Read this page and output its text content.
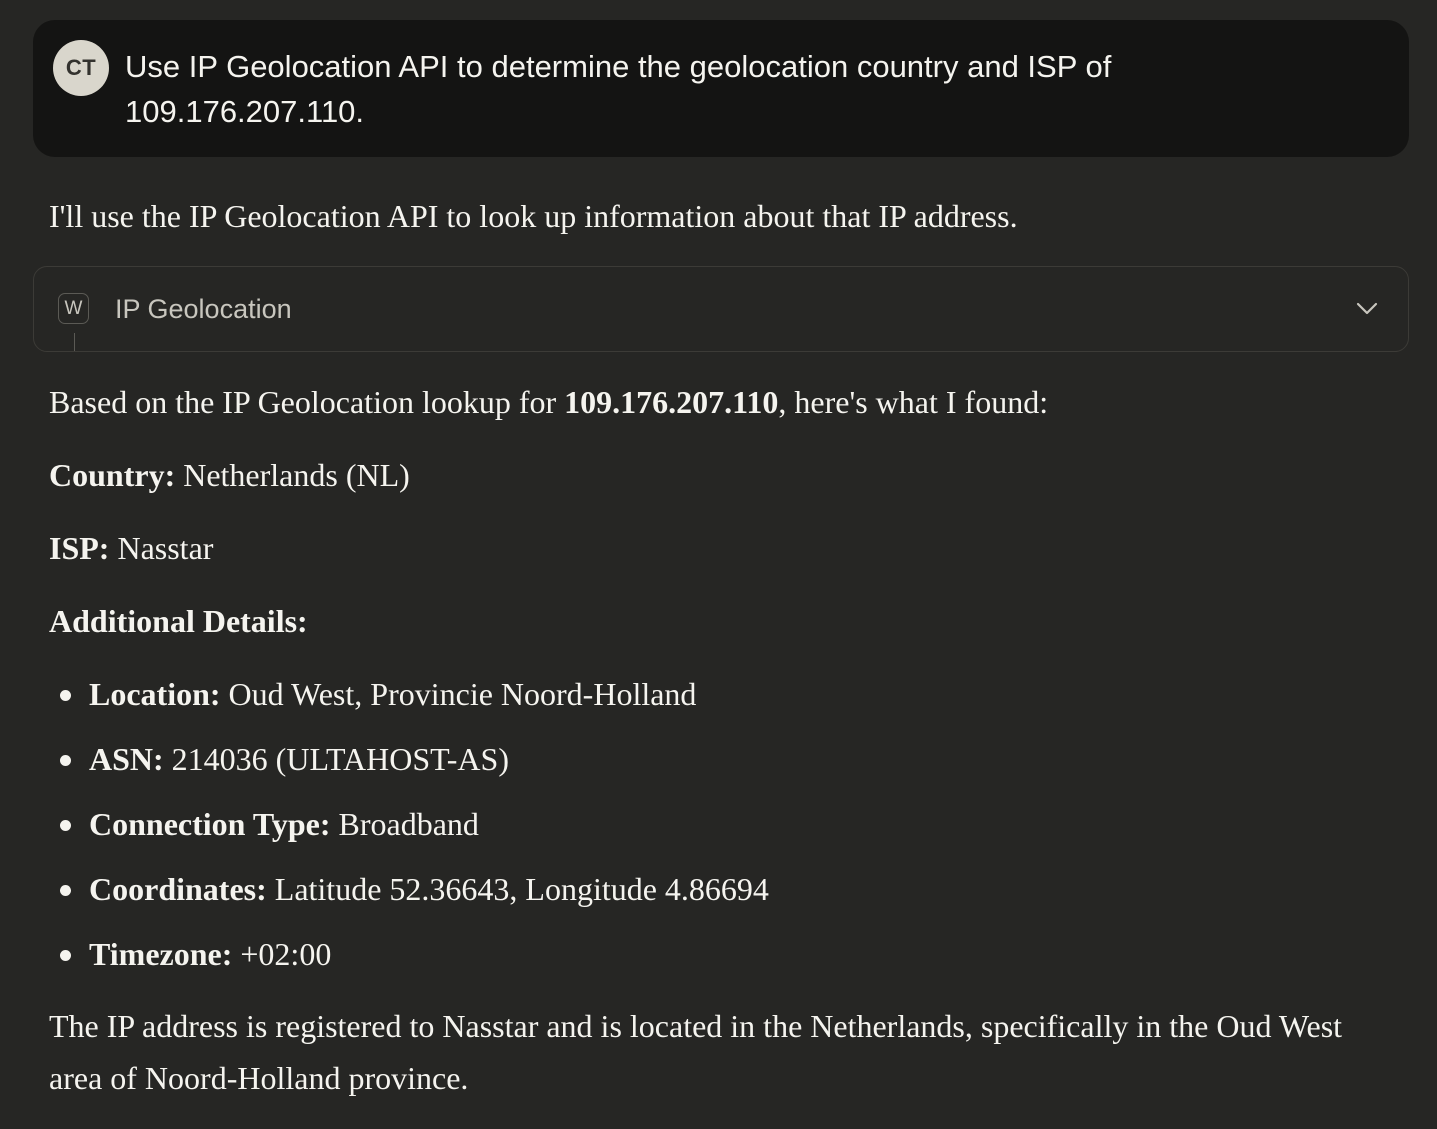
CT Use IP Geolocation API to determine the geolocation country and ISP of 109.176.207.110.
I'll use the IP Geolocation API to look up information about that IP address.
W IP Geolocation
Based on the IP Geolocation lookup for 109.176.207.110, here's what I found:
Country: Netherlands (NL)
ISP: Nasstar
Additional Details:
Location: Oud West, Provincie Noord-Holland
ASN: 214036 (ULTAHOST-AS)
Connection Type: Broadband
Coordinates: Latitude 52.36643, Longitude 4.86694
Timezone: +02:00
The IP address is registered to Nasstar and is located in the Netherlands, specifically in the Oud West area of Noord-Holland province.
